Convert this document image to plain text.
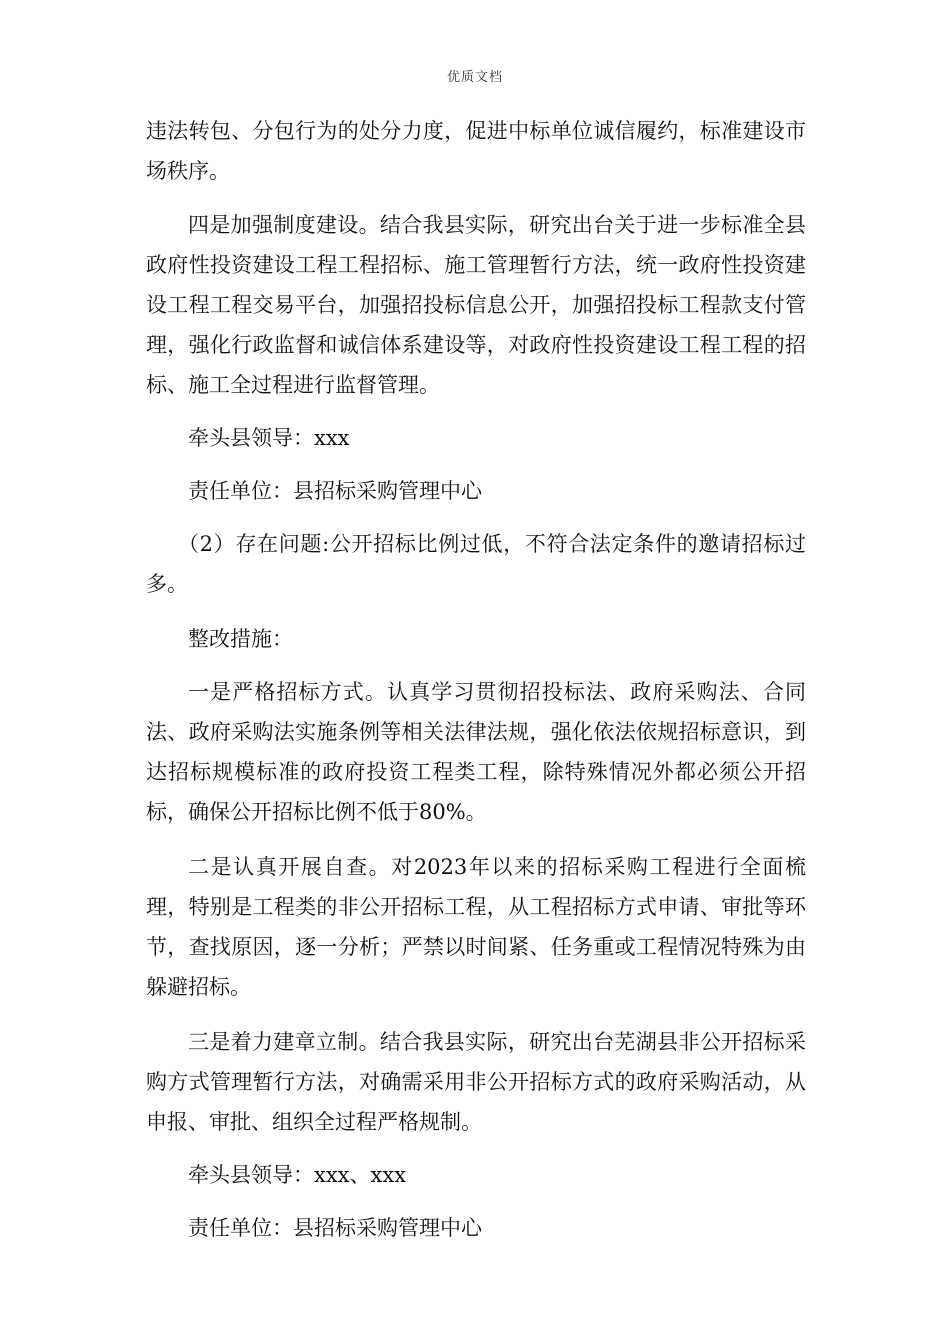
优质文档

违法转包、分包行为的处分力度，促进中标单位诚信履约，标准建设市场秩序。

四是加强制度建设。结合我县实际，研究出台关于进一步标准全县政府性投资建设工程工程招标、施工管理暂行方法，统一政府性投资建设工程工程交易平台，加强招投标信息公开，加强招投标工程款支付管理，强化行政监督和诚信体系建设等，对政府性投资建设工程工程的招标、施工全过程进行监督管理。

牵头县领导：xxx

责任单位：县招标采购管理中心

（2）存在问题:公开招标比例过低，不符合法定条件的邀请招标过多。

整改措施：

一是严格招标方式。认真学习贯彻招投标法、政府采购法、合同法、政府采购法实施条例等相关法律法规，强化依法依规招标意识，到达招标规模标准的政府投资工程类工程，除特殊情况外都必须公开招标，确保公开招标比例不低于80%。

二是认真开展自查。对2023年以来的招标采购工程进行全面梳理，特别是工程类的非公开招标工程，从工程招标方式申请、审批等环节，查找原因，逐一分析；严禁以时间紧、任务重或工程情况特殊为由躲避招标。

三是着力建章立制。结合我县实际，研究出台芜湖县非公开招标采购方式管理暂行方法，对确需采用非公开招标方式的政府采购活动，从申报、审批、组织全过程严格规制。

牵头县领导：xxx、xxx

责任单位：县招标采购管理中心
